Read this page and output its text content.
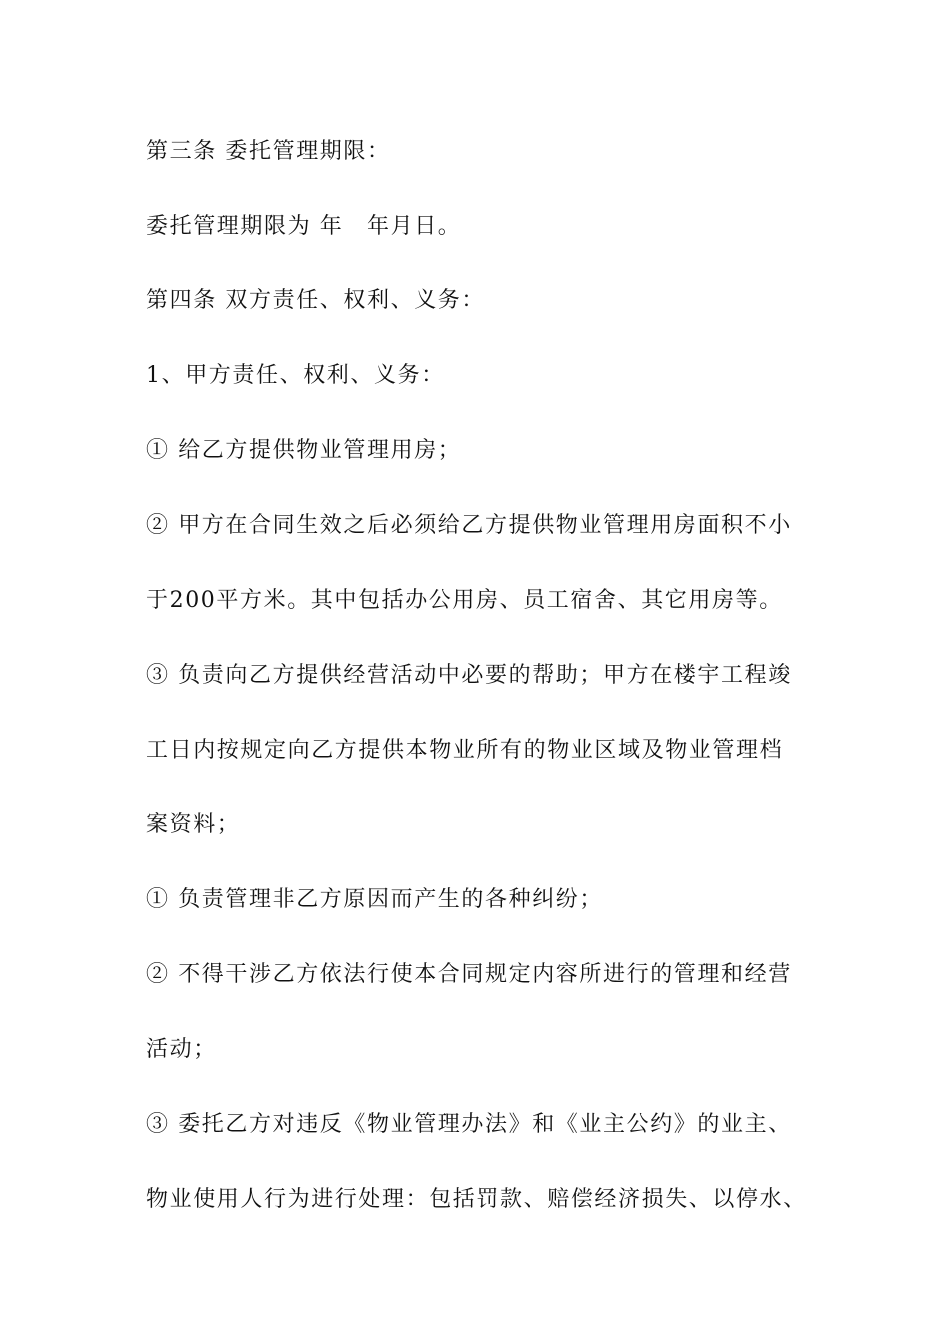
第三条 委托管理期限：
委托管理期限为 年　年月日。
第四条 双方责任、权利、义务：
1、甲方责任、权利、义务：
① 给乙方提供物业管理用房；
② 甲方在合同生效之后必须给乙方提供物业管理用房面积不小
于200平方米。其中包括办公用房、员工宿舍、其它用房等。
③ 负责向乙方提供经营活动中必要的帮助；甲方在楼宇工程竣
工日内按规定向乙方提供本物业所有的物业区域及物业管理档
案资料；
① 负责管理非乙方原因而产生的各种纠纷；
② 不得干涉乙方依法行使本合同规定内容所进行的管理和经营
活动；
③ 委托乙方对违反《物业管理办法》和《业主公约》的业主、
物业使用人行为进行处理：包括罚款、赔偿经济损失、以停水、
